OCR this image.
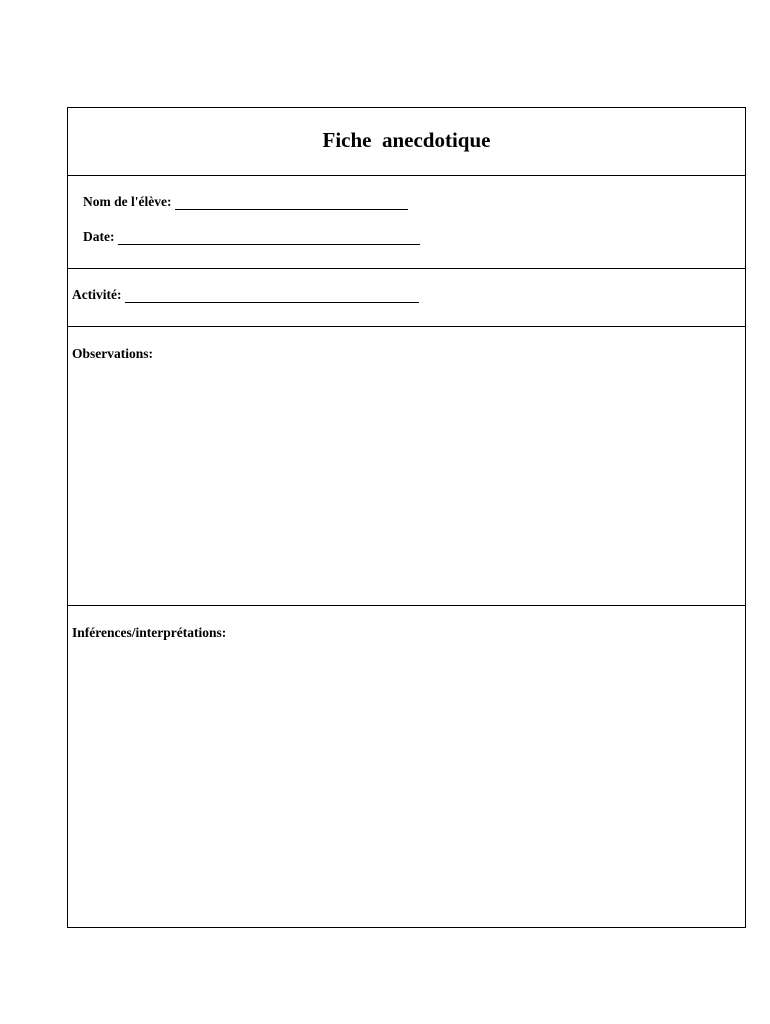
Fiche  anecdotique
Nom de l'élève:
Date:
Activité:
Observations:
Inférences/interprétations:
